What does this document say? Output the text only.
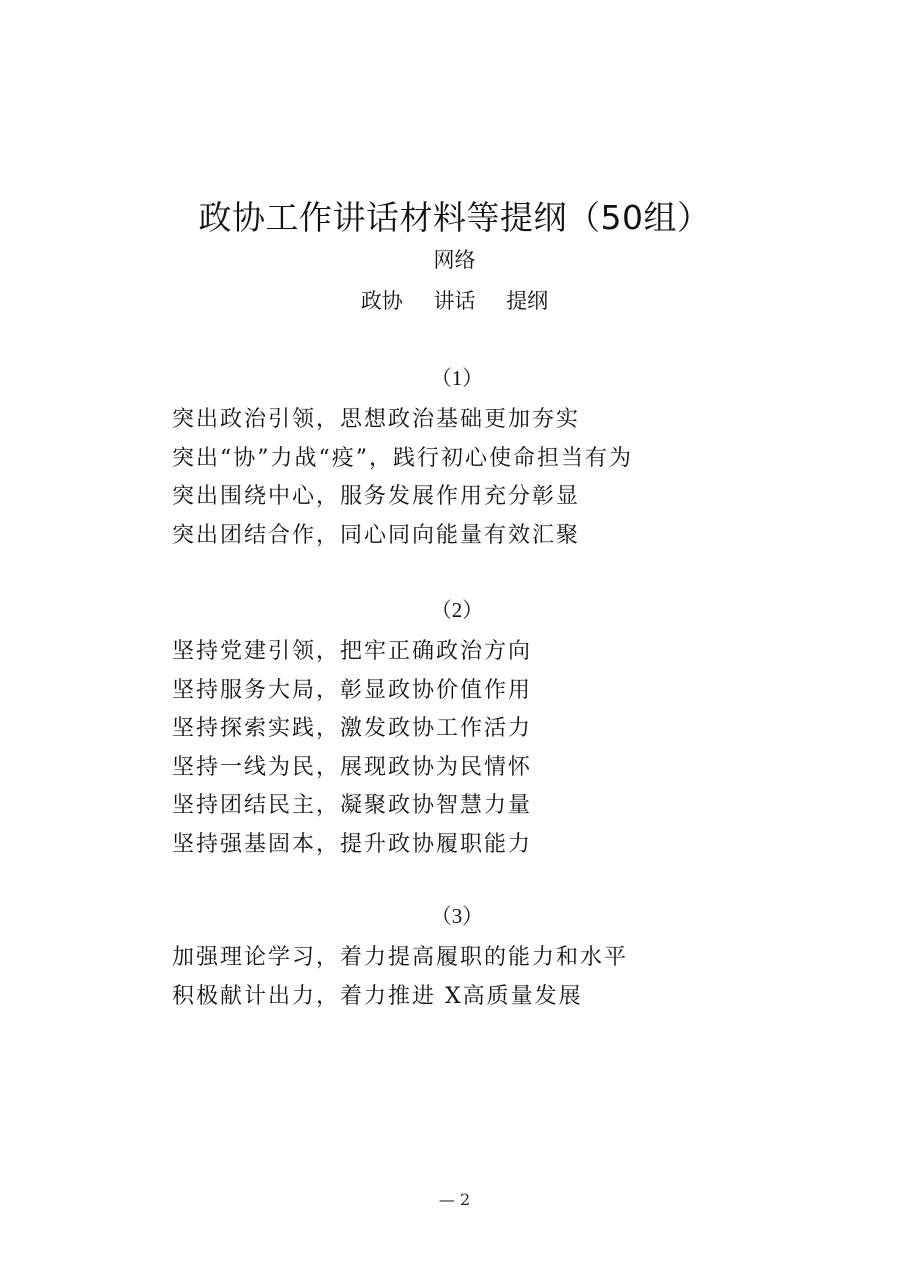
政协工作讲话材料等提纲（50组）
网络
政协 讲话 提纲
（1）
突出政治引领，思想政治基础更加夯实
突出“协”力战“疫”，践行初心使命担当有为
突出围绕中心，服务发展作用充分彰显
突出团结合作，同心同向能量有效汇聚
（2）
坚持党建引领，把牢正确政治方向
坚持服务大局，彰显政协价值作用
坚持探索实践，激发政协工作活力
坚持一线为民，展现政协为民情怀
坚持团结民主，凝聚政协智慧力量
坚持强基固本，提升政协履职能力
（3）
加强理论学习，着力提高履职的能力和水平
积极献计出力，着力推进 X高质量发展
— 2
